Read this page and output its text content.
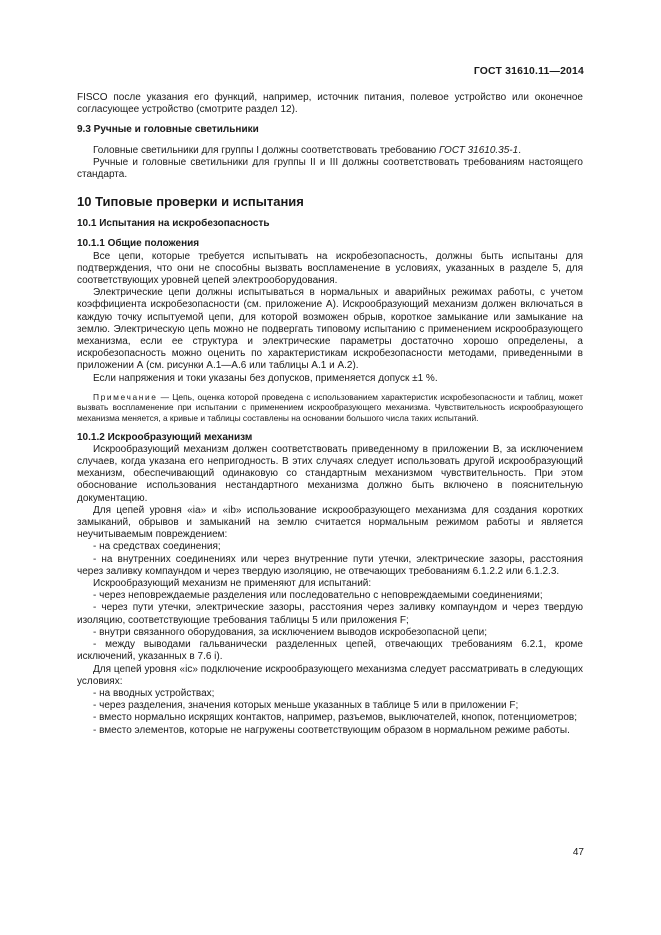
ГОСТ 31610.11—2014

FISCO после указания его функций, например, источник питания, полевое устройство или оконечное согласующее устройство (смотрите раздел 12).

9.3 Ручные и головные светильники

Головные светильники для группы I должны соответствовать требованию ГОСТ 31610.35-1.

Ручные и головные светильники для группы II и III должны соответствовать требованиям настоящего стандарта.

10 Типовые проверки и испытания

10.1 Испытания на искробезопасность

10.1.1 Общие положения

Все цепи, которые требуется испытывать на искробезопасность, должны быть испытаны для подтверждения, что они не способны вызвать воспламенение в условиях, указанных в разделе 5, для соответствующих уровней цепей электрооборудования.

Электрические цепи должны испытываться в нормальных и аварийных режимах работы, с учетом коэффициента искробезопасности (см. приложение А). Искрообразующий механизм должен включаться в каждую точку испытуемой цепи, для которой возможен обрыв, короткое замыкание или замыкание на землю. Электрическую цепь можно не подвергать типовому испытанию с применением искрообразующего механизма, если ее структура и электрические параметры достаточно хорошо определены, а искробезопасность можно оценить по характеристикам искробезопасности методами, приведенными в приложении А (см. рисунки А.1—А.6 или таблицы А.1 и А.2).

Если напряжения и токи указаны без допусков, применяется допуск ±1 %.

Примечание — Цепь, оценка которой проведена с использованием характеристик искробезопасности и таблиц, может вызвать воспламенение при испытании с применением искрообразующего механизма. Чувствительность искрообразующего механизма меняется, а кривые и таблицы составлены на основании большого числа таких испытаний.

10.1.2 Искрообразующий механизм

Искрообразующий механизм должен соответствовать приведенному в приложении В, за исключением случаев, когда указана его непригодность. В этих случаях следует использовать другой искрообразующий механизм, обеспечивающий одинаковую со стандартным механизмом чувствительность. При этом обоснование использования нестандартного механизма должно быть включено в пояснительную документацию.

Для цепей уровня «ia» и «ib» использование искрообразующего механизма для создания коротких замыканий, обрывов и замыканий на землю считается нормальным режимом работы и является неучитываемым повреждением:

- на средствах соединения;

- на внутренних соединениях или через внутренние пути утечки, электрические зазоры, расстояния через заливку компаундом и через твердую изоляцию, не отвечающих требованиям 6.1.2.2 или 6.1.2.3.

Искрообразующий механизм не применяют для испытаний:

- через неповреждаемые разделения или последовательно с неповреждаемыми соединениями;

- через пути утечки, электрические зазоры, расстояния через заливку компаундом и через твердую изоляцию, соответствующие требования таблицы 5 или приложения F;

- внутри связанного оборудования, за исключением выводов искробезопасной цепи;

- между выводами гальванически разделенных цепей, отвечающих требованиям 6.2.1, кроме исключений, указанных в 7.6 i).

Для цепей уровня «ic» подключение искрообразующего механизма следует рассматривать в следующих условиях:

- на вводных устройствах;

- через разделения, значения которых меньше указанных в таблице 5 или в приложении F;

- вместо нормально искрящих контактов, например, разъемов, выключателей, кнопок, потенциометров;

- вместо элементов, которые не нагружены соответствующим образом в нормальном режиме работы.

47
